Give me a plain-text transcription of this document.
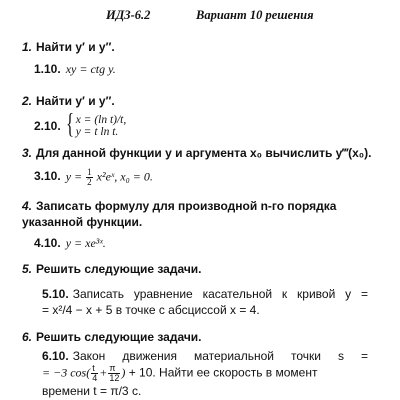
ИДЗ-6.2	Вариант 10 решения
1. Найти y′ и y″.
1.10. xy = ctg y.
2. Найти y′ и y″.
2.10. { x = (ln t)/t,
y = t ln t.
3. Для данной функции y и аргумента x₀ вычислить y‴(x₀).
3.10. $y = \frac{1}{2}$ x²eˣ, x₀ = 0.
4. Записать формулу для производной n-го порядка
указанной функции.
4.10. y = xe³ˣ.
5. Решить следующие задачи.
5.10. Записать уравнение касательной к кривой y =
= x²/4 − x + 5 в точке с абсциссой x = 4.
6. Решить следующие задачи.
6.10. Закон движения материальной точки s =
= −3 $\cos( \frac{t}{4} + \frac{\pi}{12}$ ) + 10. Найти ее скорость в момент
времени t = π/3 c.
